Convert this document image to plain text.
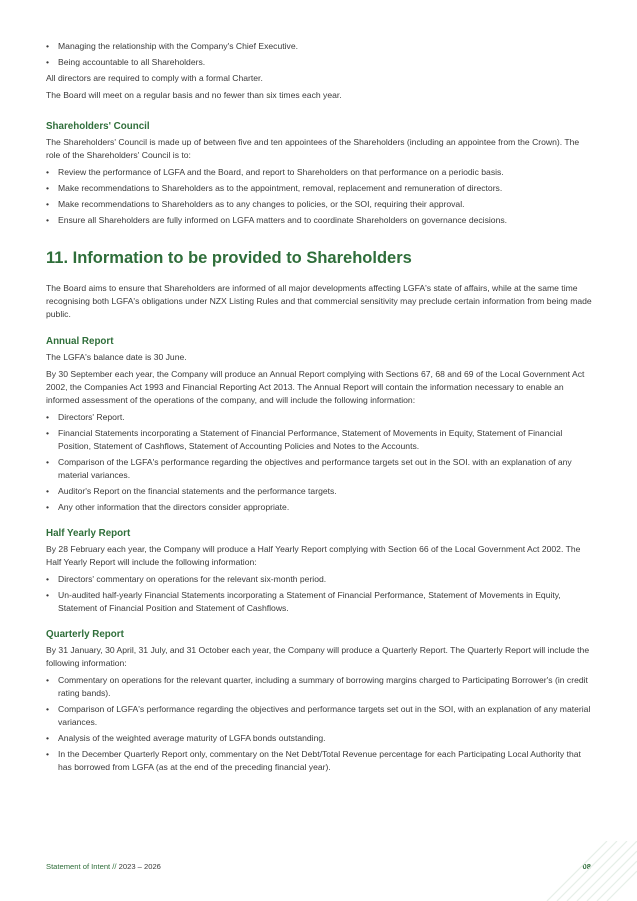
• Managing the relationship with the Company's Chief Executive.
• Being accountable to all Shareholders.

All directors are required to comply with a formal Charter.

The Board will meet on a regular basis and no fewer than six times each year.

Shareholders' Council

The Shareholders' Council is made up of between five and ten appointees of the Shareholders (including an appointee from the Crown). The role of the Shareholders' Council is to:

• Review the performance of LGFA and the Board, and report to Shareholders on that performance on a periodic basis.
• Make recommendations to Shareholders as to the appointment, removal, replacement and remuneration of directors.
• Make recommendations to Shareholders as to any changes to policies, or the SOI, requiring their approval.
• Ensure all Shareholders are fully informed on LGFA matters and to coordinate Shareholders on governance decisions.
11. Information to be provided to Shareholders

The Board aims to ensure that Shareholders are informed of all major developments affecting LGFA's state of affairs, while at the same time recognising both LGFA's obligations under NZX Listing Rules and that commercial sensitivity may preclude certain information from being made public.

Annual Report

The LGFA's balance date is 30 June.

By 30 September each year, the Company will produce an Annual Report complying with Sections 67, 68 and 69 of the Local Government Act 2002, the Companies Act 1993 and Financial Reporting Act 2013. The Annual Report will contain the information necessary to enable an informed assessment of the operations of the company, and will include the following information:

• Directors' Report.
• Financial Statements incorporating a Statement of Financial Performance, Statement of Movements in Equity, Statement of Financial Position, Statement of Cashflows, Statement of Accounting Policies and Notes to the Accounts.
• Comparison of the LGFA's performance regarding the objectives and performance targets set out in the SOI. with an explanation of any material variances.
• Auditor's Report on the financial statements and the performance targets.
• Any other information that the directors consider appropriate.
Half Yearly Report

By 28 February each year, the Company will produce a Half Yearly Report complying with Section 66 of the Local Government Act 2002. The Half Yearly Report will include the following information:

• Directors' commentary on operations for the relevant six-month period.
• Un-audited half-yearly Financial Statements incorporating a Statement of Financial Performance, Statement of Movements in Equity, Statement of Financial Position and Statement of Cashflows.
Quarterly Report

By 31 January, 30 April, 31 July, and 31 October each year, the Company will produce a Quarterly Report. The Quarterly Report will include the following information:

• Commentary on operations for the relevant quarter, including a summary of borrowing margins charged to Participating Borrower's (in credit rating bands).
• Comparison of LGFA's performance regarding the objectives and performance targets set out in the SOI, with an explanation of any material variances.
• Analysis of the weighted average maturity of LGFA bonds outstanding.
• In the December Quarterly Report only, commentary on the Net Debt/Total Revenue percentage for each Participating Local Authority that has borrowed from LGFA (as at the end of the preceding financial year).
Statement of Intent // 2023 – 2026	08
